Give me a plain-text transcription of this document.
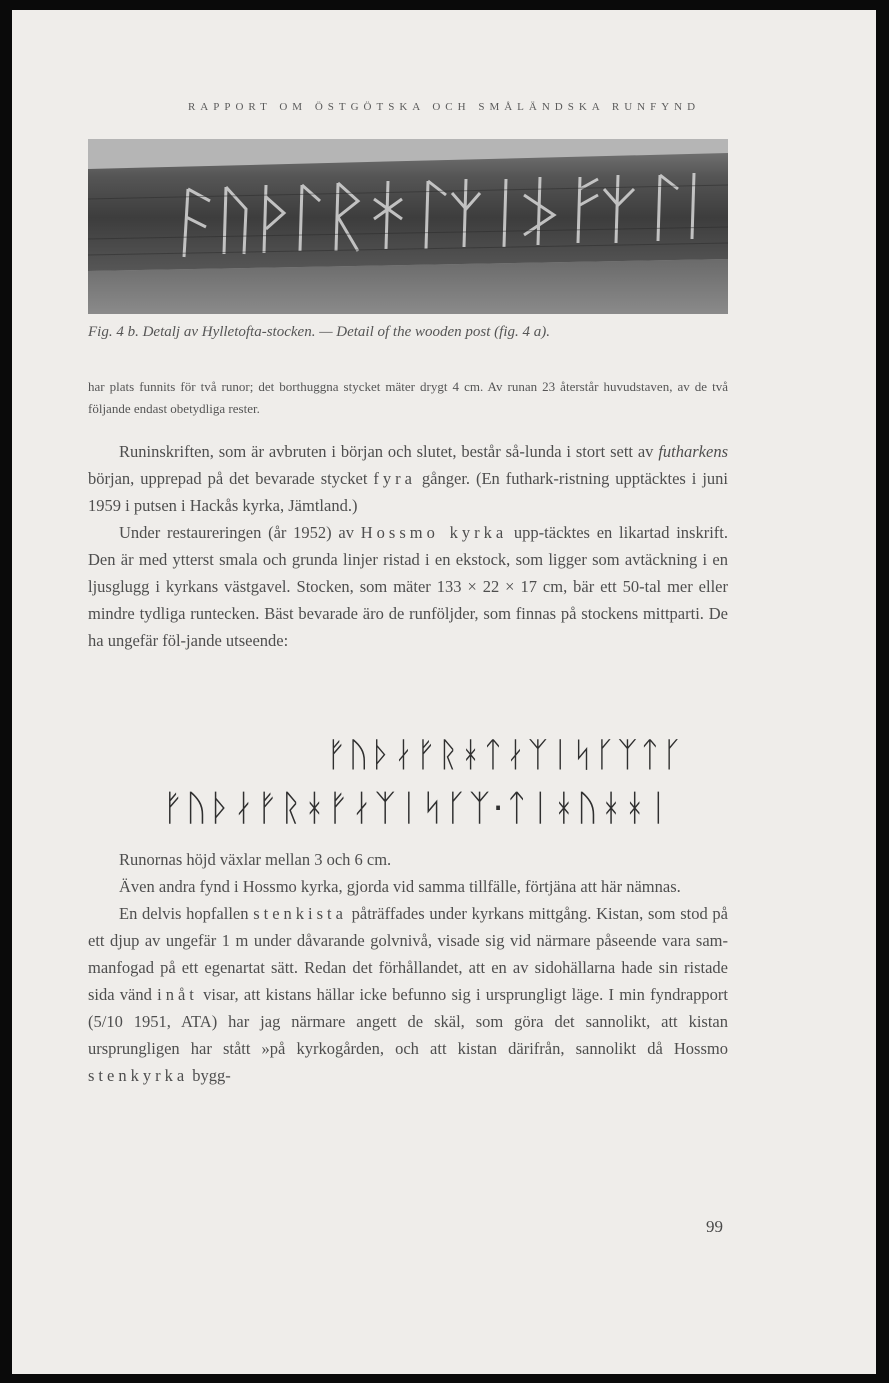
RAPPORT OM ÖSTGÖTSKA OCH SMÅLÄNDSKA RUNFYND
Fig. 4 b. Detalj av Hylletofta-stocken. — Detail of the wooden post (fig. 4 a).
har plats funnits för två runor; det borthuggna stycket mäter drygt 4 cm. Av runan 23 återstår huvudstaven, av de två följande endast obetydliga rester.

Runinskriften, som är avbruten i början och slutet, består så-lunda i stort sett av futharkens början, upprepad på det bevarade stycket fyra gånger. (En futhark-ristning upptäcktes i juni 1959 i putsen i Hackås kyrka, Jämtland.)

Under restaureringen (år 1952) av Hossmo kyrka upp-täcktes en likartad inskrift. Den är med ytterst smala och grunda linjer ristad i en ekstock, som ligger som avtäckning i en ljusglugg i kyrkans västgavel. Stocken, som mäter 133 × 22 × 17 cm, bär ett 50-tal mer eller mindre tydliga runtecken. Bäst bevarade äro de runföljder, som finnas på stockens mittparti. De ha ungefär föl-jande utseende:

ᚠᚢᚦᛅᚠᚱᚼᛏᛅᛉᛁᛋᚴᛉᛏᚴ
ᚠᚢᚦᛅᚠᚱᚼᚠᛅᛉᛁᛋᚴᛉ·ᛏᛁᚼᚢᚼᚼᛁ

Runornas höjd växlar mellan 3 och 6 cm.

Även andra fynd i Hossmo kyrka, gjorda vid samma tillfälle, förtjäna att här nämnas.

En delvis hopfallen stenkista påträffades under kyrkans mittgång. Kistan, som stod på ett djup av ungefär 1 m under dåvarande golvnivå, visade sig vid närmare påseende vara sam-manfogad på ett egenartat sätt. Redan det förhållandet, att en av sidohällarna hade sin ristade sida vänd inåt visar, att kistans hällar icke befunno sig i ursprungligt läge. I min fyndrapport (5/10 1951, ATA) har jag närmare angett de skäl, som göra det sannolikt, att kistan ursprungligen har stått »på kyrkogården, och att kistan därifrån, sannolikt då Hossmo stenkyrka bygg-

99
